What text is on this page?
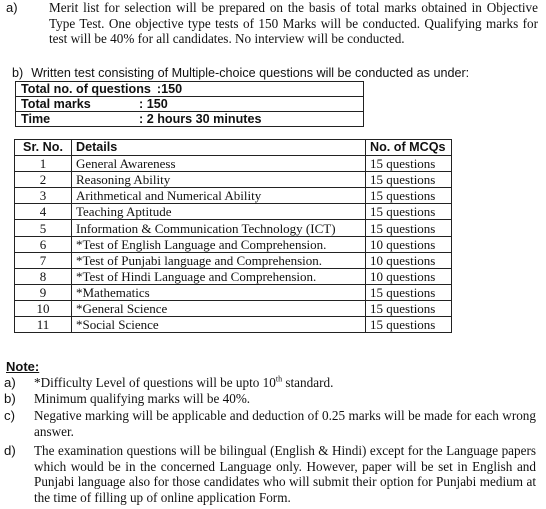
a) Merit list for selection will be prepared on the basis of total marks obtained in Objective Type Test. One objective type tests of 150 Marks will be conducted. Qualifying marks for test will be 40% for all candidates. No interview will be conducted.
b) Written test consisting of Multiple-choice questions will be conducted as under:
Total no. of questions :150
Total marks	: 150
Time	: 2 hours 30 minutes
Sr. No.	Details	No. of MCQs
1	General Awareness	15 questions
2	Reasoning Ability	15 questions
3	Arithmetical and Numerical Ability	15 questions
4	Teaching Aptitude	15 questions
5	Information & Communication Technology (ICT)	15 questions
6	*Test of English Language and Comprehension.	10 questions
7	*Test of Punjabi language and Comprehension.	10 questions
8	*Test of Hindi Language and Comprehension.	10 questions
9	*Mathematics	15 questions
10	*General Science	15 questions
11	*Social Science	15 questions
Note:
a)	*Difficulty Level of questions will be upto 10th standard.
b)	Minimum qualifying marks will be 40%.
c)	Negative marking will be applicable and deduction of 0.25 marks will be made for each wrong answer.
d)	The examination questions will be bilingual (English & Hindi) except for the Language papers which would be in the concerned Language only. However, paper will be set in English and Punjabi language also for those candidates who will submit their option for Punjabi medium at the time of filling up of online application Form.
